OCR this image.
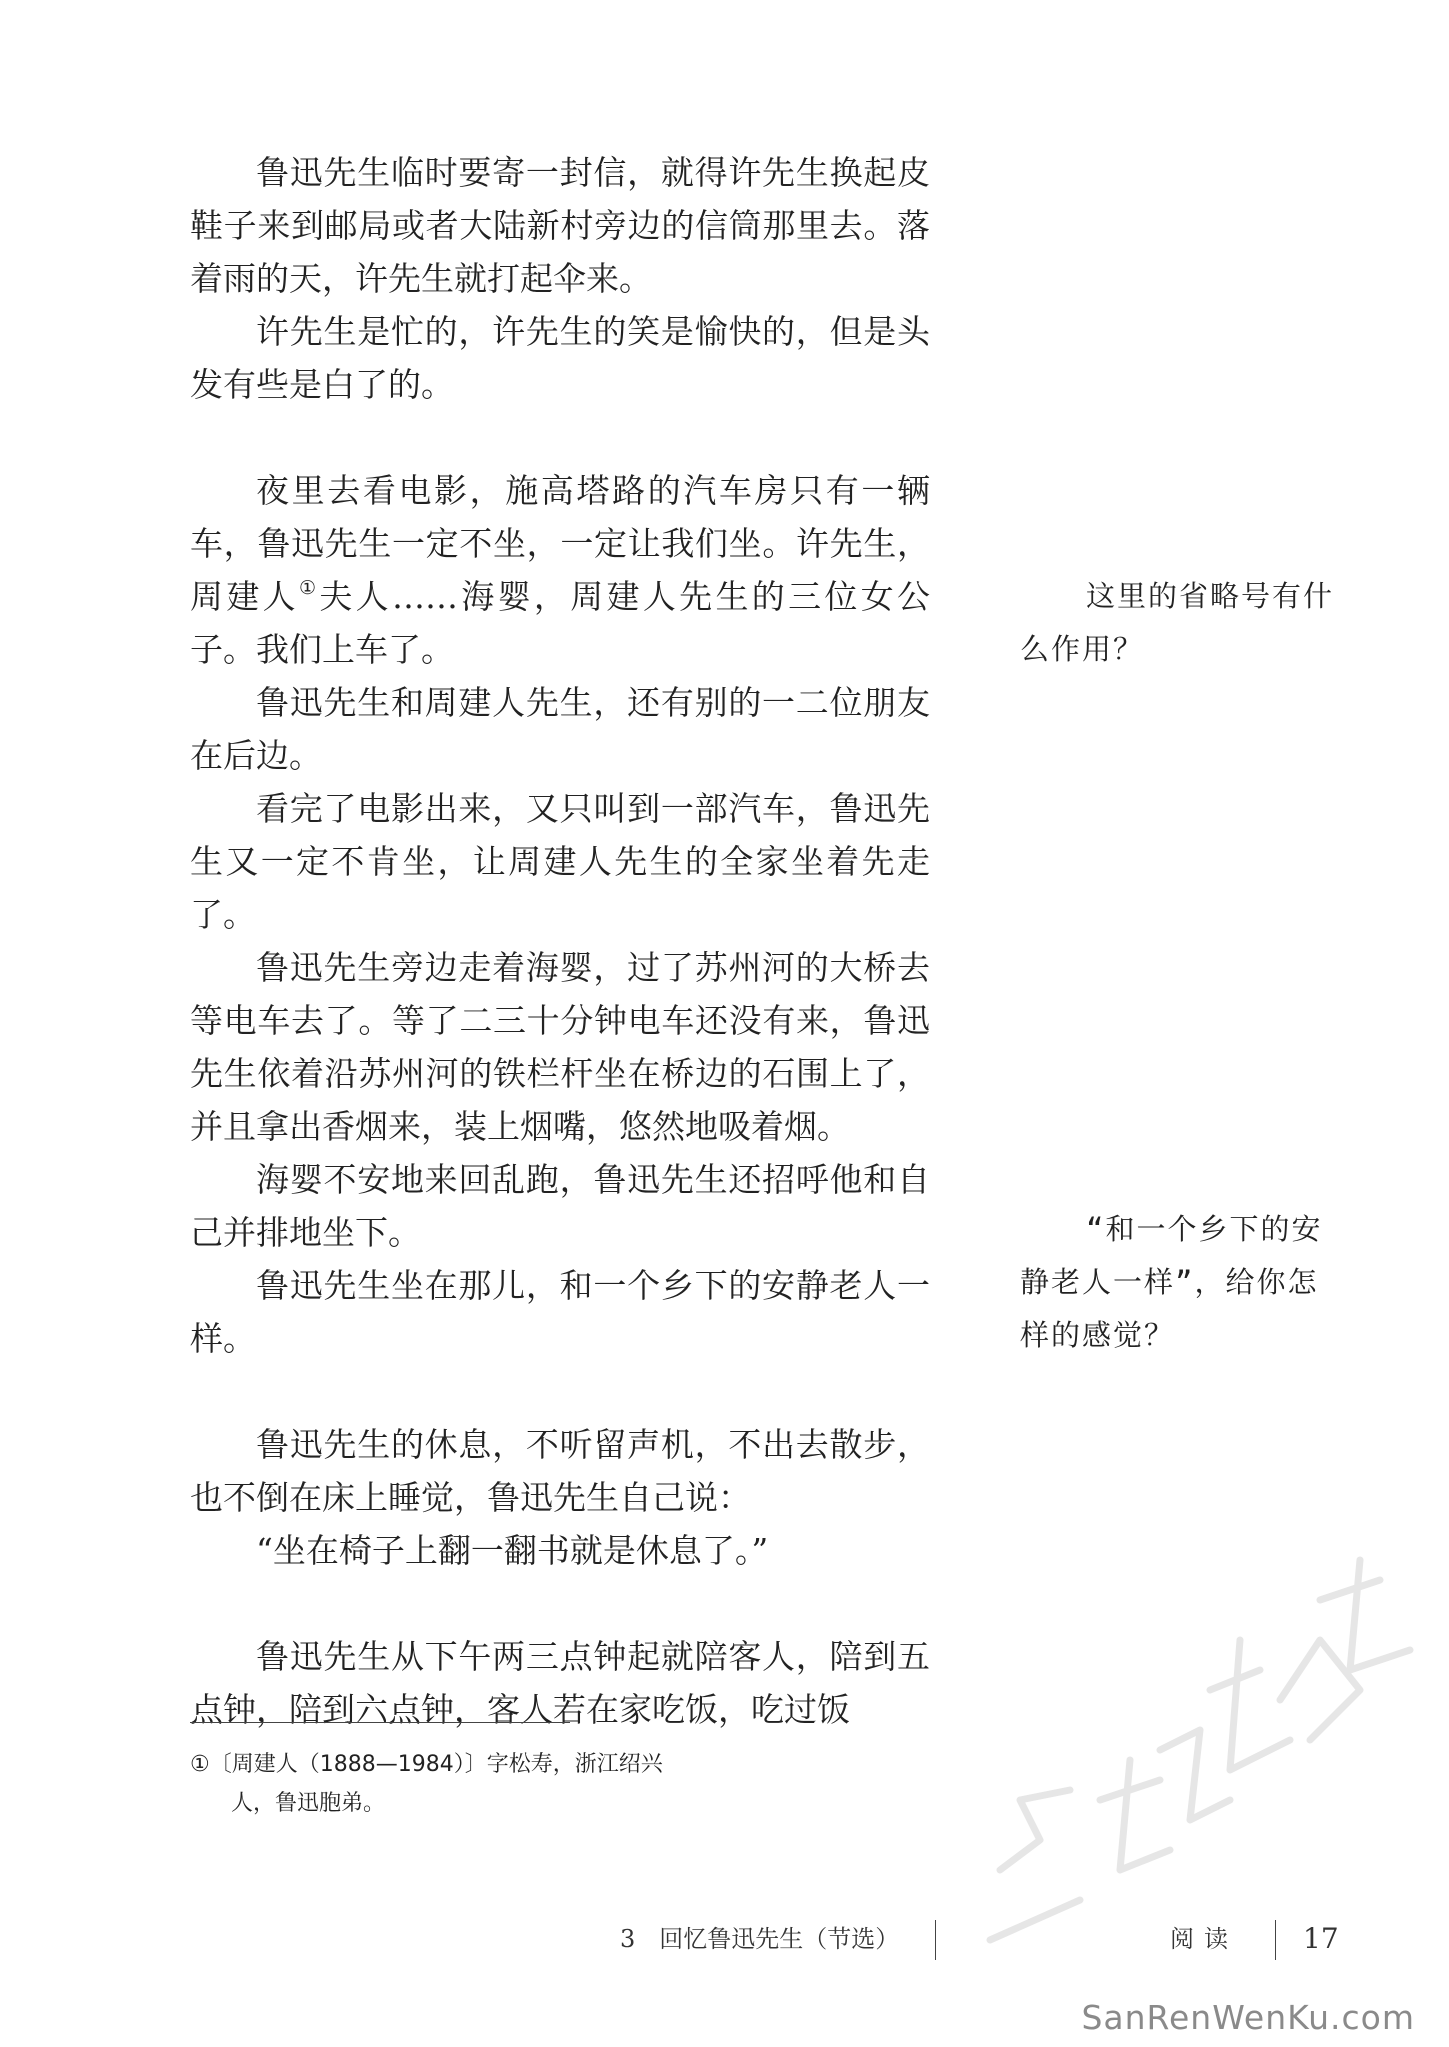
鲁迅先生临时要寄一封信，就得许先生换起皮鞋子来到邮局或者大陆新村旁边的信筒那里去。落着雨的天，许先生就打起伞来。

许先生是忙的，许先生的笑是愉快的，但是头发有些是白了的。

夜里去看电影，施高塔路的汽车房只有一辆车，鲁迅先生一定不坐，一定让我们坐。许先生，周建人①夫人……海婴，周建人先生的三位女公子。我们上车了。

鲁迅先生和周建人先生，还有别的一二位朋友在后边。

看完了电影出来，又只叫到一部汽车，鲁迅先生又一定不肯坐，让周建人先生的全家坐着先走了。

鲁迅先生旁边走着海婴，过了苏州河的大桥去等电车去了。等了二三十分钟电车还没有来，鲁迅先生依着沿苏州河的铁栏杆坐在桥边的石围上了，并且拿出香烟来，装上烟嘴，悠然地吸着烟。

海婴不安地来回乱跑，鲁迅先生还招呼他和自己并排地坐下。

鲁迅先生坐在那儿，和一个乡下的安静老人一样。

鲁迅先生的休息，不听留声机，不出去散步，也不倒在床上睡觉，鲁迅先生自己说：

“坐在椅子上翻一翻书就是休息了。”

鲁迅先生从下午两三点钟起就陪客人，陪到五点钟，陪到六点钟，客人若在家吃饭，吃过饭

这里的省略号有什么作用？
“和一个乡下的安静老人一样”，给你怎样的感觉？
①〔周建人（1888—1984）〕字松寿，浙江绍兴
人，鲁迅胞弟。
3　回忆鲁迅先生（节选）	阅读 17
SanRenWenKu.com
